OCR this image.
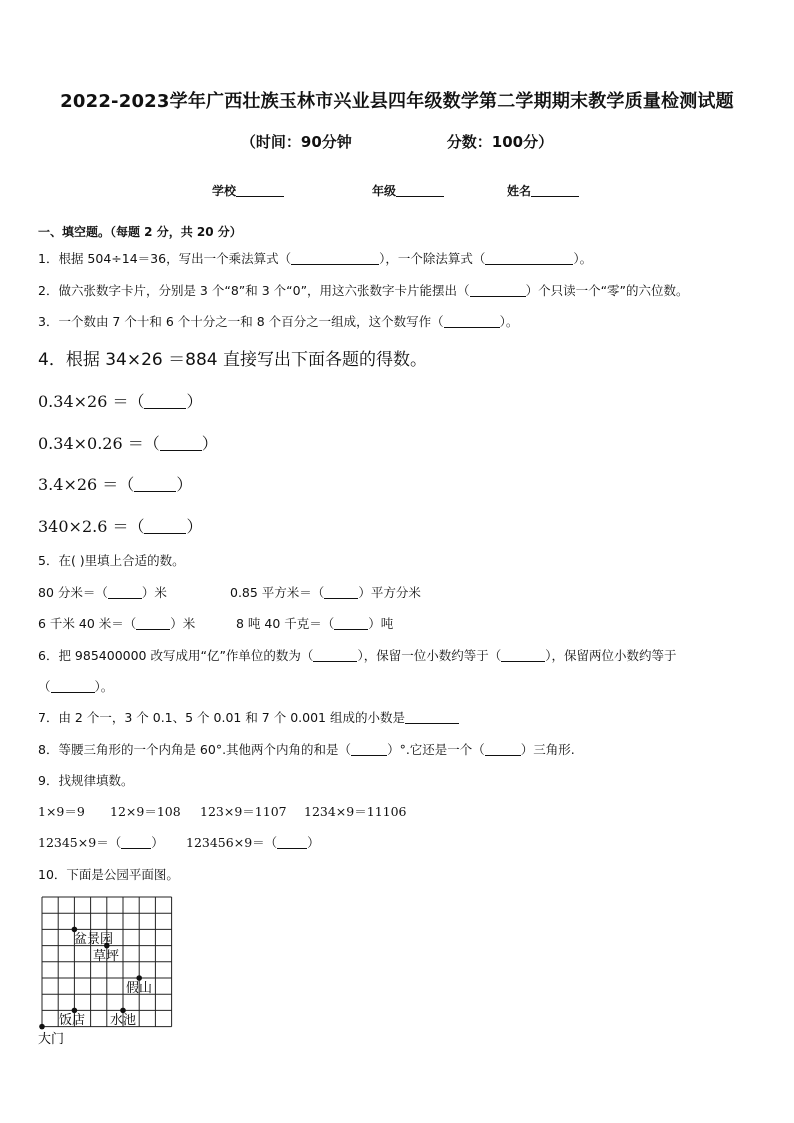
2022-2023学年广西壮族玉林市兴业县四年级数学第二学期期末教学质量检测试题
（时间：90分钟	分数：100分）
学校	年级	姓名
一、填空题。（每题 2 分，共 20 分）
1．根据 504÷14＝36，写出一个乘法算式（	），一个除法算式（	）。
2．做六张数字卡片，分别是 3 个“8”和 3 个“0”，用这六张数字卡片能摆出（	）个只读一个“零”的六位数。
3．一个数由 7 个十和 6 个十分之一和 8 个百分之一组成，这个数写作（	）。
4．根据 34×26 ＝884 直接写出下面各题的得数。
0.34×26 ＝（	）
0.34×0.26 ＝（	）
3.4×26 ＝（	）
340×2.6 ＝（	）
5．在( )里填上合适的数。
80 分米＝（	）米	0.85 平方米＝（	）平方分米
6 千米 40 米＝（	）米	8 吨 40 千克＝（	）吨
6．把 985400000 改写成用“亿”作单位的数为（	），保留一位小数约等于（	），保留两位小数约等于
（	）。
7．由 2 个一，3 个 0.1、5 个 0.01 和 7 个 0.001 组成的小数是
8．等腰三角形的一个内角是 60°.其他两个内角的和是（	）°.它还是一个（	）三角形.
9．找规律填数。
1×9＝9 12×9＝108 123×9＝1107 1234×9＝11106
12345×9＝（ ） 123456×9＝（ ）
10．下面是公园平面图。
盆景园
草坪
假山
饭店 水池
大门
